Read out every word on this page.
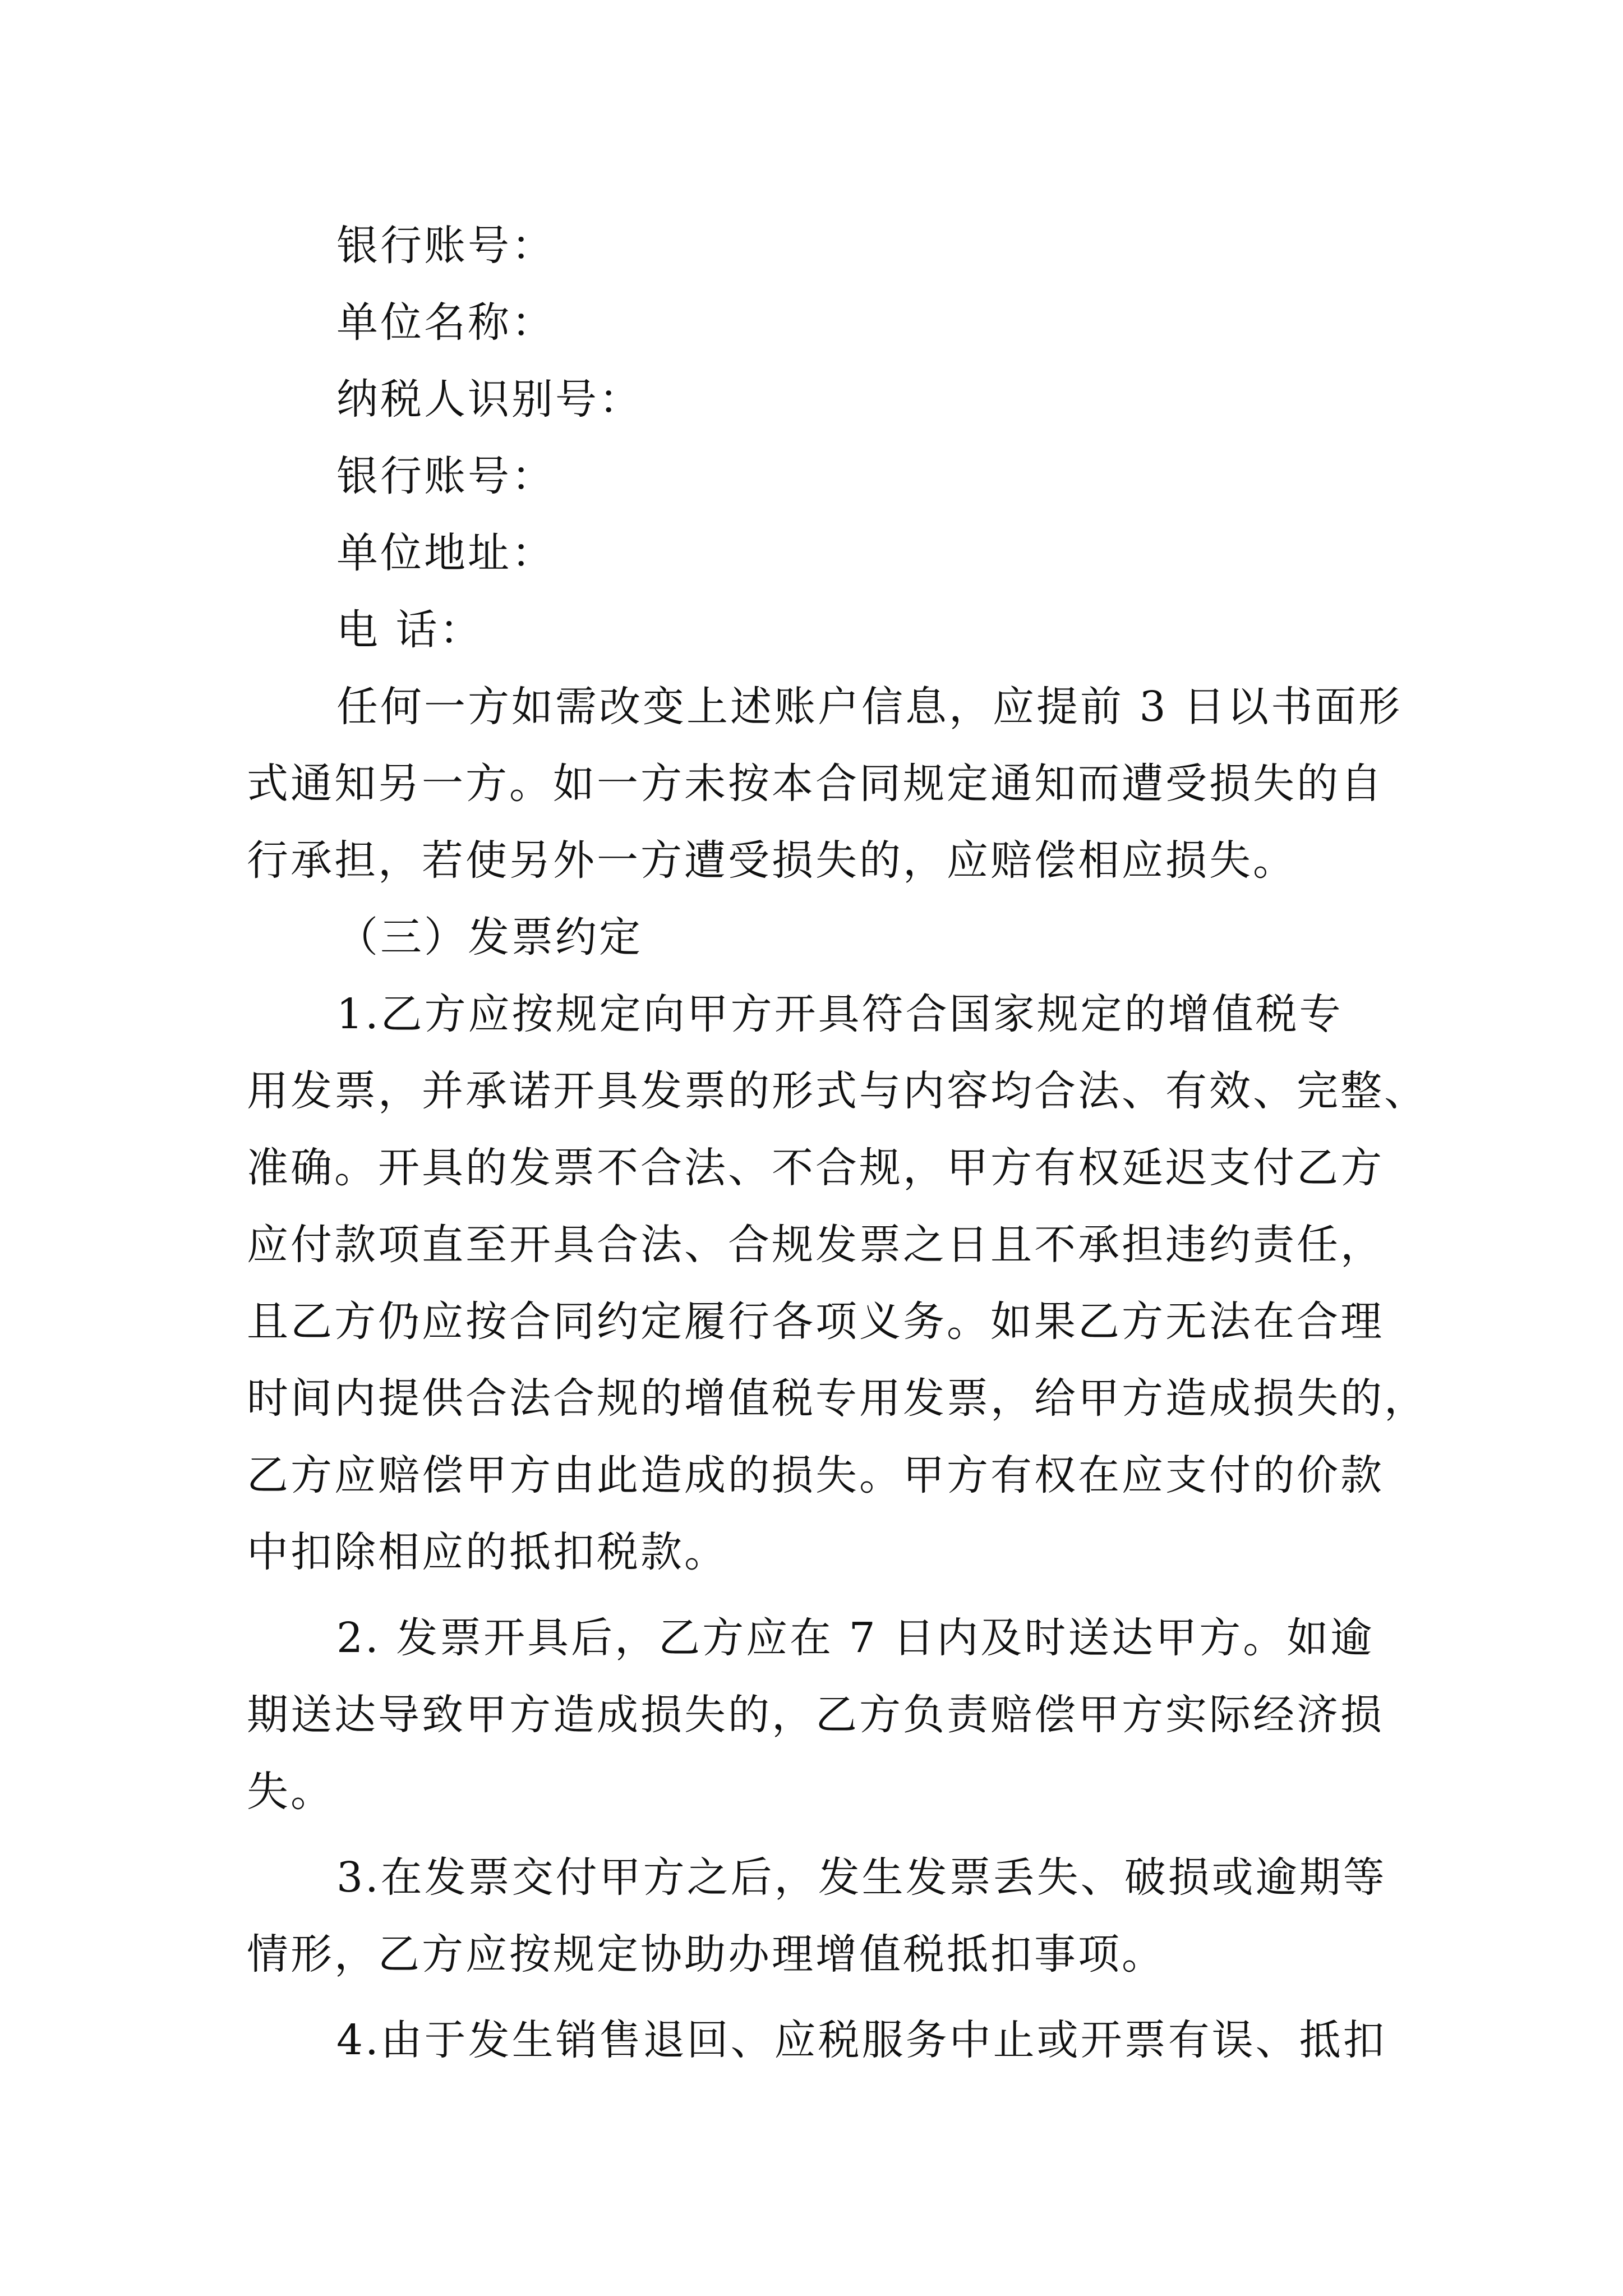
银行账号：
单位名称：
纳税人识别号：
银行账号：
单位地址：
电 话：
任何一方如需改变上述账户信息，应提前 3 日以书面形
式通知另一方。如一方未按本合同规定通知而遭受损失的自
行承担，若使另外一方遭受损失的，应赔偿相应损失。
（三）发票约定
1.乙方应按规定向甲方开具符合国家规定的增值税专
用发票，并承诺开具发票的形式与内容均合法、有效、完整、
准确。开具的发票不合法、不合规，甲方有权延迟支付乙方
应付款项直至开具合法、合规发票之日且不承担违约责任，
且乙方仍应按合同约定履行各项义务。如果乙方无法在合理
时间内提供合法合规的增值税专用发票，给甲方造成损失的，
乙方应赔偿甲方由此造成的损失。甲方有权在应支付的价款
中扣除相应的抵扣税款。
2. 发票开具后，乙方应在 7 日内及时送达甲方。如逾
期送达导致甲方造成损失的，乙方负责赔偿甲方实际经济损
失。
3.在发票交付甲方之后，发生发票丢失、破损或逾期等
情形，乙方应按规定协助办理增值税抵扣事项。
4.由于发生销售退回、应税服务中止或开票有误、抵扣
